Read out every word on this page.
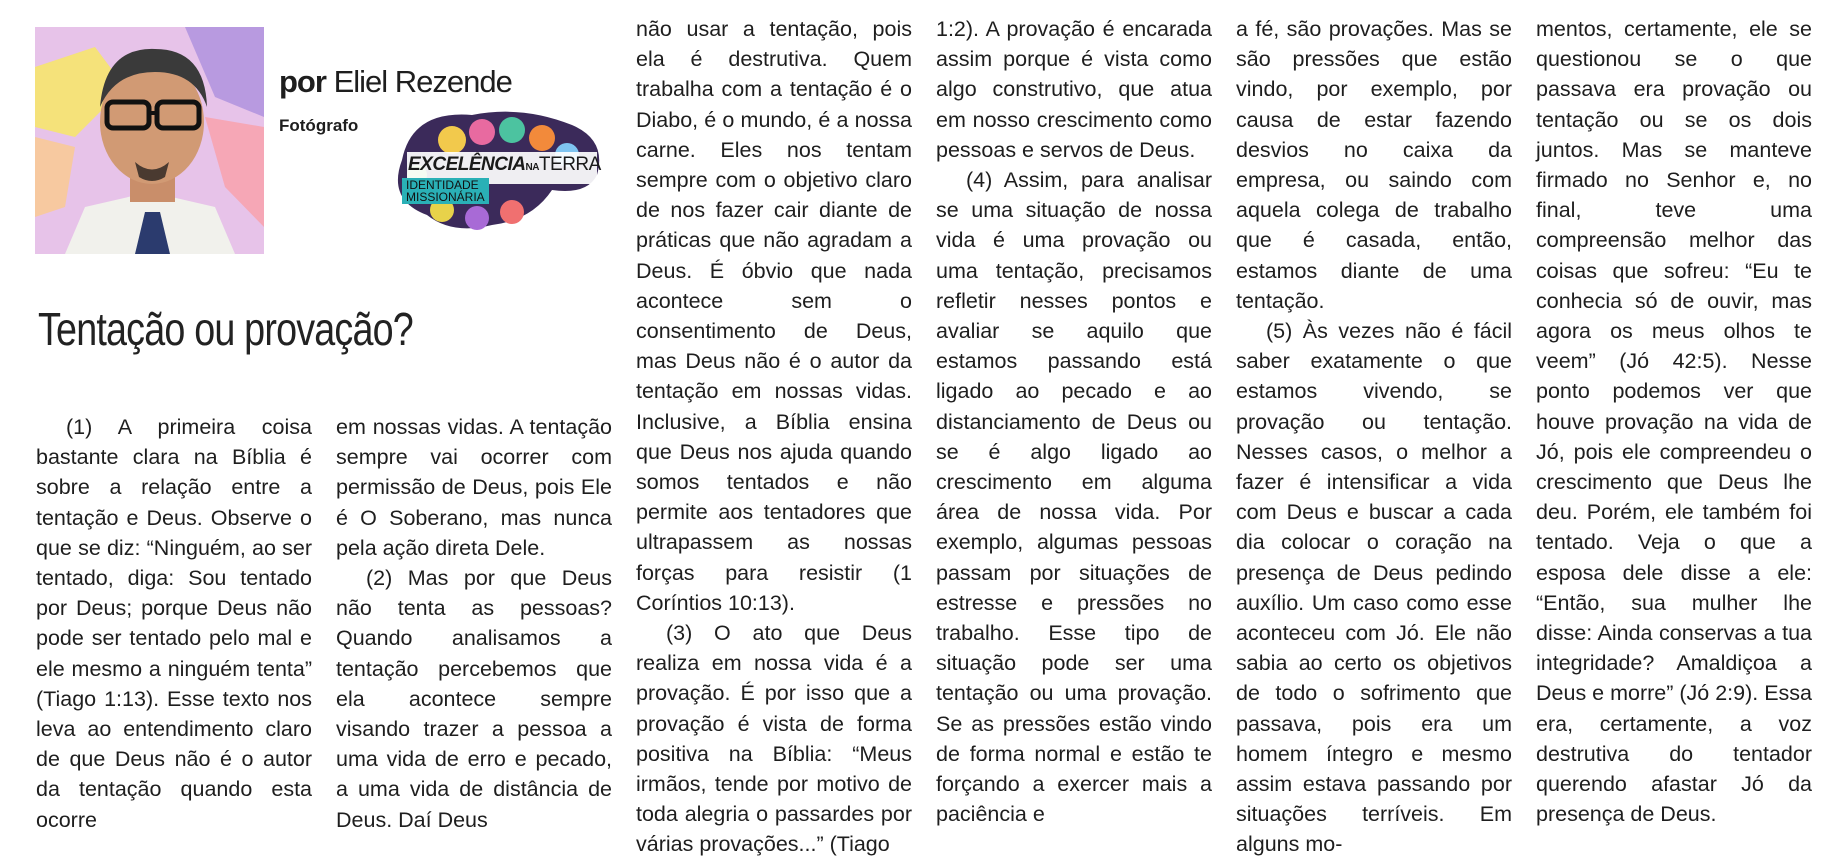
por Eliel Rezende
Fotógrafo
EXCELÊNCIANATERRA
IDENTIDADE
MISSIONÁRIA
Tentação ou provação?

(1) A primeira coisa bastante clara na Bíblia é sobre a relação entre a tentação e Deus. Observe o que se diz: “Ninguém, ao ser tentado, diga: Sou tentado por Deus; porque Deus não pode ser tentado pelo mal e ele mesmo a ninguém tenta” (Tiago 1:13). Esse texto nos leva ao entendimento claro de que Deus não é o autor da tentação quando esta ocorre

em nossas vidas. A tentação sempre vai ocorrer com permissão de Deus, pois Ele é O Soberano, mas nunca pela ação direta Dele.

(2) Mas por que Deus não tenta as pessoas? Quando analisamos a tentação percebemos que ela acontece sempre visando trazer a pessoa a uma vida de erro e pecado, a uma vida de distância de Deus. Daí Deus

não usar a tentação, pois ela é destrutiva. Quem trabalha com a tentação é o Diabo, é o mundo, é a nossa carne. Eles nos tentam sempre com o objetivo claro de nos fazer cair diante de práticas que não agradam a Deus. É óbvio que nada acontece sem o consentimento de Deus, mas Deus não é o autor da tentação em nossas vidas. Inclusive, a Bíblia ensina que Deus nos ajuda quando somos tentados e não permite aos tentadores que ultrapassem as nossas forças para resistir (1 Coríntios 10:13).

(3) O ato que Deus realiza em nossa vida é a provação. É por isso que a provação é vista de forma positiva na Bíblia: “Meus irmãos, tende por motivo de toda alegria o passardes por várias provações...” (Tiago

1:2). A provação é encarada assim porque é vista como algo construtivo, que atua em nosso crescimento como pessoas e servos de Deus.

(4) Assim, para analisar se uma situação de nossa vida é uma provação ou uma tentação, precisamos refletir nesses pontos e avaliar se aquilo que estamos passando está ligado ao pecado e ao distanciamento de Deus ou se é algo ligado ao crescimento em alguma área de nossa vida. Por exemplo, algumas pessoas passam por situações de estresse e pressões no trabalho. Esse tipo de situação pode ser uma tentação ou uma provação. Se as pressões estão vindo de forma normal e estão te forçando a exercer mais a paciência e

a fé, são provações. Mas se são pressões que estão vindo, por exemplo, por causa de estar fazendo desvios no caixa da empresa, ou saindo com aquela colega de trabalho que é casada, então, estamos diante de uma tentação.

(5) Às vezes não é fácil saber exatamente o que estamos vivendo, se provação ou tentação. Nesses casos, o melhor a fazer é intensificar a vida com Deus e buscar a cada dia colocar o coração na presença de Deus pedindo auxílio. Um caso como esse aconteceu com Jó. Ele não sabia ao certo os objetivos de todo o sofrimento que passava, pois era um homem íntegro e mesmo assim estava passando por situações terríveis. Em alguns mo-

mentos, certamente, ele se questionou se o que passava era provação ou tentação ou se os dois juntos. Mas se manteve firmado no Senhor e, no final, teve uma compreensão melhor das coisas que sofreu: “Eu te conhecia só de ouvir, mas agora os meus olhos te veem” (Jó 42:5). Nesse ponto podemos ver que houve provação na vida de Jó, pois ele compreendeu o crescimento que Deus lhe deu. Porém, ele também foi tentado. Veja o que a esposa dele disse a ele: “Então, sua mulher lhe disse: Ainda conservas a tua integridade? Amaldiçoa a Deus e morre” (Jó 2:9). Essa era, certamente, a voz destrutiva do tentador querendo afastar Jó da presença de Deus.
